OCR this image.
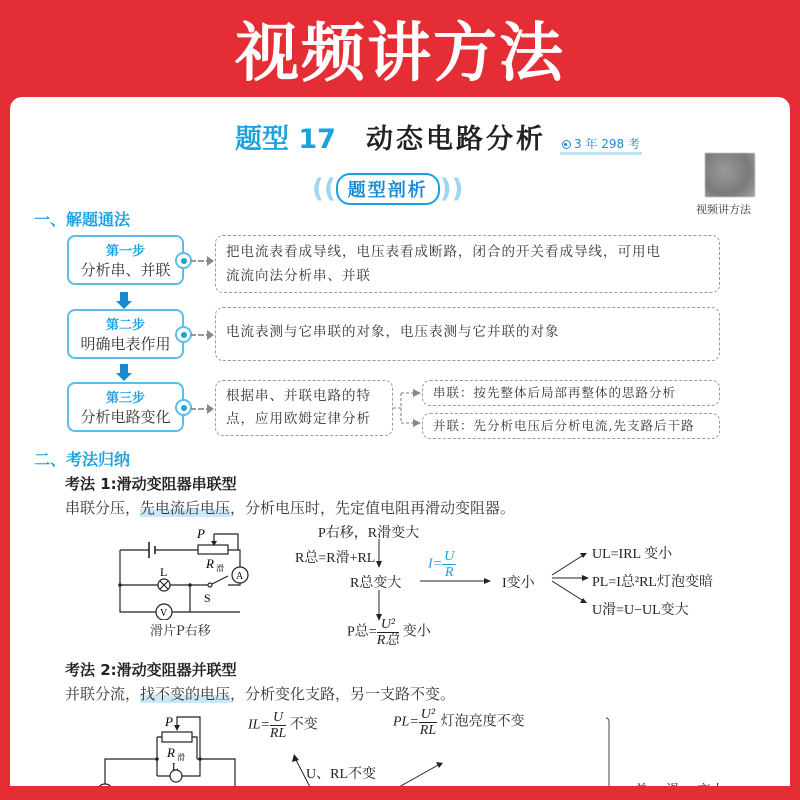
视频讲方法
题型 17 动态电路分析	3 年 298 考
(( 题型剖析 ))
视频讲方法
一、解题通法
第一步
分析串、并联
把电流表看成导线，电压表看成断路，闭合的开关看成导线，可用电
流流向法分析串、并联
第二步
明确电表作用
电流表测与它串联的对象，电压表测与它并联的对象
第三步
分析电路变化
根据串、并联电路的特
点，应用欧姆定律分析
串联：按先整体后局部再整体的思路分析
并联：先分析电压后分析电流,先支路后干路
二、考法归纳
考法 1:滑动变阻器串联型
串联分压，先电流后电压，分析电压时，先定值电阻再滑动变阻器。
A
V
P
R 滑
L
S
滑片P右移
P右移，R滑变大
R总=R滑+RL
R总变大
$I= \frac{U}{R}$
I变小
P总= $\frac{\text{U²}}{\text{R总}}$ 变小
UL=IRL 变小
PL=I总²RL灯泡变暗
U滑=U−UL变大
考法 2:滑动变阻器并联型
并联分流，找不变的电压，分析变化支路，另一支路不变。
P
R 滑
L
$IL= \frac{U}{RL}$ 不变	$PL= \frac{\text{U²}}{RL}$ 灯泡亮度不变
U、RL不变
